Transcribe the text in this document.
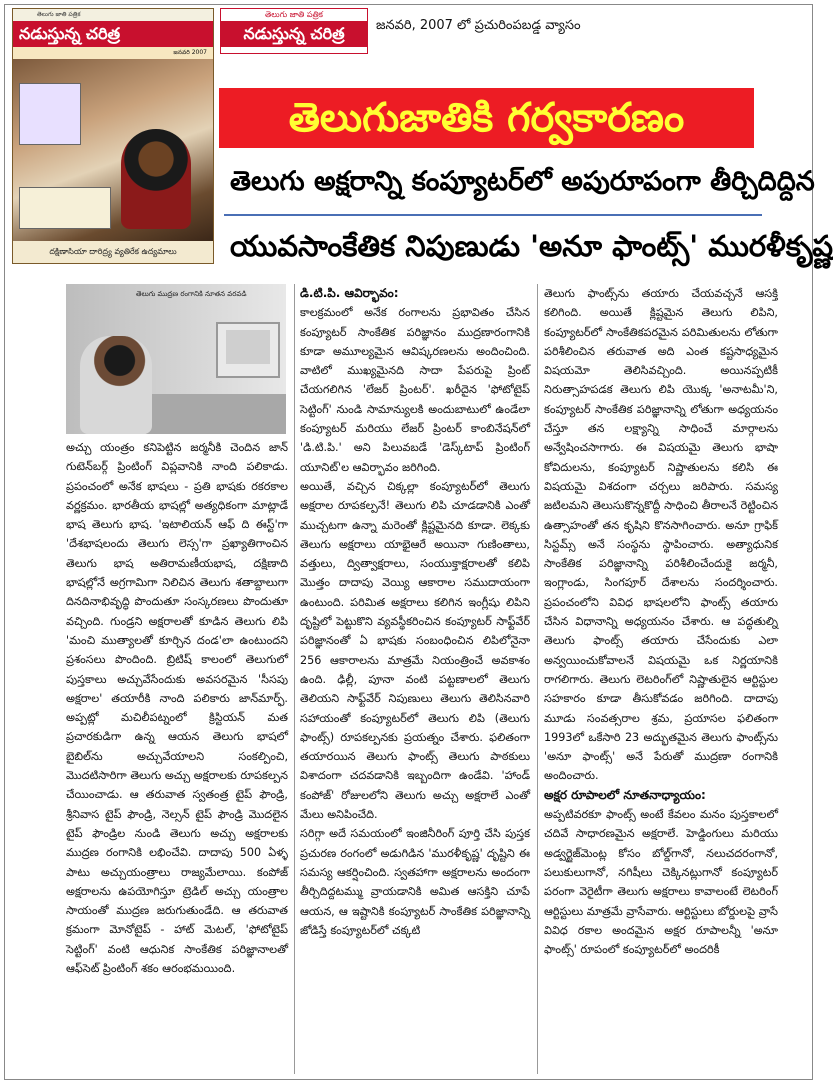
తెలుగు జాతి పత్రిక
నడుస్తున్న చరిత్ర
జనవరి 2007
దక్షిణాసియా దారిద్ర్య వ్యతిరేక ఉద్యమాలు
తెలుగు జాతి పత్రిక
నడుస్తున్న చరిత్ర	జనవరి, 2007 లో ప్రచురింపబడ్డ వ్యాసం
తెలుగుజాతికి గర్వకారణం
తెలుగు అక్షరాన్ని కంప్యూటర్‌లో అపురూపంగా తీర్చిదిద్దిన
యువసాంకేతిక నిపుణుడు 'అనూ ఫాంట్స్' మురళీకృష్ణ
తెలుగు ముద్రణ రంగానికి నూతన వరవడి

అచ్చు యంత్రం కనిపెట్టిన జర్మనీకి చెందిన జాన్ గుటెన్‌బర్గ్ ప్రింటింగ్ విప్లవానికి నాంది పలికాడు. ప్రపంచంలో అనేక భాషలు - ప్రతి భాషకు రకరకాల వర్ణక్రమం. భారతీయ భాషల్లో అత్యధికంగా మాట్లాడే భాష తెలుగు భాష. 'ఇటాలియన్ ఆఫ్ ది ఈస్ట్'గా 'దేశభాషలందు తెలుగు లెస్స'గా ప్రఖ్యాతిగాంచిన తెలుగు భాష అతిరామణీయభాష, దక్షిణాది భాషల్లోనే అగ్రగామిగా నిలిచిన తెలుగు శతాబ్దాలుగా దినదినాభివృద్ధి పొందుతూ సంస్కరణలు పొందుతూ వచ్చింది. గుండ్రని అక్షరాలతో కూడిన తెలుగు లిపి 'మంచి ముత్యాలతో కూర్చిన దండ'లా ఉంటుందని ప్రశంసలు పొందింది. బ్రిటిష్ కాలంలో తెలుగులో పుస్తకాలు అచ్చువేసేందుకు అవసరమైన 'సీసపు అక్షరాల' తయారీకి నాంది పలికారు జాన్‌మార్ఫ్. అప్పట్లో మచిలీపట్నంలో క్రిస్టియన్ మత ప్రచారకుడిగా ఉన్న ఆయన తెలుగు భాషలో బైబిల్‌ను అచ్చువేయాలని సంకల్పించి, మొదటిసారిగా తెలుగు అచ్చు అక్షరాలకు రూపకల్పన చేయించాడు. ఆ తరువాత స్వతంత్ర టైప్ ఫౌండ్రి, శ్రీనివాస టైప్ ఫౌండ్రి, నెల్సన్ టైప్ ఫౌండ్రి మొదలైన టైప్ ఫౌండ్రిల నుండి తెలుగు అచ్చు అక్షరాలకు ముద్రణ రంగానికి లభించేవి. దాదాపు 500 ఏళ్ళ పాటు అచ్చుయంత్రాలు రాజ్యమేలాయి. కంపోజ్ అక్షరాలను ఉపయోగిస్తూ ట్రెడిల్ అచ్చు యంత్రాల సాయంతో ముద్రణ జరుగుతుండేది. ఆ తరువాత క్రమంగా మోనోటైప్ - హాట్ మెటల్, 'ఫోటోటైప్ సెట్టింగ్' వంటి ఆధునిక సాంకేతిక పరిజ్ఞానాలతో ఆఫ్‌సెట్ ప్రింటింగ్ శకం ఆరంభమయింది.

డి.టి.పి. ఆవిర్భావం:

కాలక్రమంలో అనేక రంగాలను ప్రభావితం చేసిన కంప్యూటర్ సాంకేతిక పరిజ్ఞానం ముద్రణారంగానికి కూడా అమూల్యమైన ఆవిష్కరణలను అందించింది. వాటిలో ముఖ్యమైనది సాదా పేపరుపై ప్రింట్ చేయగలిగిన 'లేజర్ ప్రింటర్'. ఖరీదైన 'ఫోటోటైప్ సెట్టింగ్' నుండి సామాన్యులకి అందుబాటులో ఉండేలా కంప్యూటర్ మరియు లేజర్ ప్రింటర్ కాంబినేషన్‌లో 'డి.టి.పి.' అని పిలువబడే 'డెస్క్‌టాప్ ప్రింటింగ్ యూనిట్'ల ఆవిర్భావం జరిగింది.

అయితే, వచ్చిన చిక్కల్లా కంప్యూటర్‌లో తెలుగు అక్షరాల రూపకల్పనే! తెలుగు లిపి చూడడానికి ఎంతో ముచ్చటగా ఉన్నా మరెంతో క్లిష్టమైనది కూడా. లెక్కకు తెలుగు అక్షరాలు యాభైఆరే అయినా గుణింతాలు, వత్తులు, ద్విత్వాక్షరాలు, సంయుక్తాక్షరాలతో కలిపి మొత్తం దాదాపు వెయ్యి ఆకారాల సముదాయంగా ఉంటుంది. పరిమిత అక్షరాలు కలిగిన ఇంగ్లీషు లిపిని దృష్టిలో పెట్టుకొని వ్యవస్థీకరించిన కంప్యూటర్ సాఫ్ట్‌వేర్ పరిజ్ఞానంతో ఏ భాషకు సంబంధించిన లిపిలోనైనా 256 ఆకారాలను మాత్రమే నియంత్రించే అవకాశం ఉంది. ఢిల్లీ, పూనా వంటి పట్టణాలలో తెలుగు తెలియని సాఫ్ట్‌వేర్ నిపుణులు తెలుగు తెలిసినవారి సహాయంతో కంప్యూటర్‌లో తెలుగు లిపి (తెలుగు ఫాంట్స్) రూపకల్పనకు ప్రయత్నం చేశారు. ఫలితంగా తయారయిన తెలుగు ఫాంట్స్ తెలుగు పాఠకులు విశాదంగా చదవడానికి ఇబ్బందిగా ఉండేవి. 'హాండ్ కంపోజ్' రోజులలోని తెలుగు అచ్చు అక్షరాలే ఎంతో మేలు అనిపించేది.

సరిగ్గా అదే సమయంలో ఇంజినీరింగ్ పూర్తి చేసి పుస్తక ప్రచురణ రంగంలో అడుగిడిన 'మురళీకృష్ణ' దృష్టిని ఈ సమస్య ఆకర్షించింది. స్వతహాగా అక్షరాలను అందంగా తీర్చిదిద్దటమ్ము వ్రాయడానికి అమిత ఆసక్తిని చూపే ఆయన, ఆ ఇష్టానికి కంప్యూటర్ సాంకేతిక పరిజ్ఞానాన్ని జోడిస్తే కంప్యూటర్‌లో చక్కటి

తెలుగు ఫాంట్స్‌ను తయారు చేయవచ్చనే ఆసక్తి కలిగింది. అయితే క్లిష్టమైన తెలుగు లిపిని, కంప్యూటర్‌లో సాంకేతికపరమైన పరిమితులను లోతుగా పరిశీలించిన తరువాత అది ఎంత కష్టసాధ్యమైన విషయమో తెలిసివచ్చింది. అయినప్పటికీ నిరుత్సాహపడక తెలుగు లిపి యొక్క 'అనాటమీ'ని, కంప్యూటర్ సాంకేతిక పరిజ్ఞానాన్ని లోతుగా అధ్యయనం చేస్తూ తన లక్ష్యాన్ని సాధించే మార్గాలను అన్వేషించసాగారు. ఈ విషయమై తెలుగు భాషా కోవిదులను, కంప్యూటర్ నిష్ణాతులను కలిసి ఈ విషయమై విశదంగా చర్చలు జరిపారు. సమస్య జటిలమని తెలుసుకొన్నకొద్దీ సాధించి తీరాలనే రెట్టించిన ఉత్సాహంతో తన కృషిని కొనసాగించారు. అనూ గ్రాఫిక్ సిస్టమ్స్ అనే సంస్థను స్థాపించారు. అత్యాధునిక సాంకేతిక పరిజ్ఞానాన్ని పరిశీలించేందుకై జర్మనీ, ఇంగ్లాండు, సింగపూర్ దేశాలను సందర్శించారు. ప్రపంచంలోని వివిధ భాషలలోని ఫాంట్స్ తయారు చేసిన విధానాన్ని అధ్యయనం చేశారు. ఆ పద్ధతుల్ని తెలుగు ఫాంట్స్ తయారు చేసేందుకు ఎలా అన్వయించుకోవాలనే విషయమై ఒక నిర్ణయానికి రాగలిగారు. తెలుగు లెటరింగ్‌లో నిష్ణాతులైన ఆర్టిస్టుల సహకారం కూడా తీసుకోవడం జరిగింది. దాదాపు మూడు సంవత్సరాల శ్రమ, ప్రయాసల ఫలితంగా 1993లో ఒకేసారి 23 అద్భుతమైన తెలుగు ఫాంట్స్‌ను 'అనూ ఫాంట్స్' అనే పేరుతో ముద్రణా రంగానికి అందించారు.

అక్షర రూపాలలో నూతనాధ్యాయం:

అప్పటివరకూ ఫాంట్స్ అంటే కేవలం మనం పుస్తకాలలో చదివే సాధారణమైన అక్షరాలే. హెడ్డింగులు మరియు అడ్వర్టైజ్‌మెంట్ల కోసం బోల్డ్‌గానో, నలుచదరంగానో, పలుకులుగానో, నగిషీలు చెక్కినట్లుగానో కంప్యూటర్ పరంగా వెరైటీగా తెలుగు అక్షరాలు కావాలంటే లెటరింగ్ ఆర్టిస్టులు మాత్రమే వ్రాసేవారు. ఆర్టిస్టులు బోర్డులపై వ్రాసే వివిధ రకాల అందమైన అక్షర రూపాలన్నీ 'అనూ ఫాంట్స్' రూపంలో కంప్యూటర్‌లో అందరికీ
